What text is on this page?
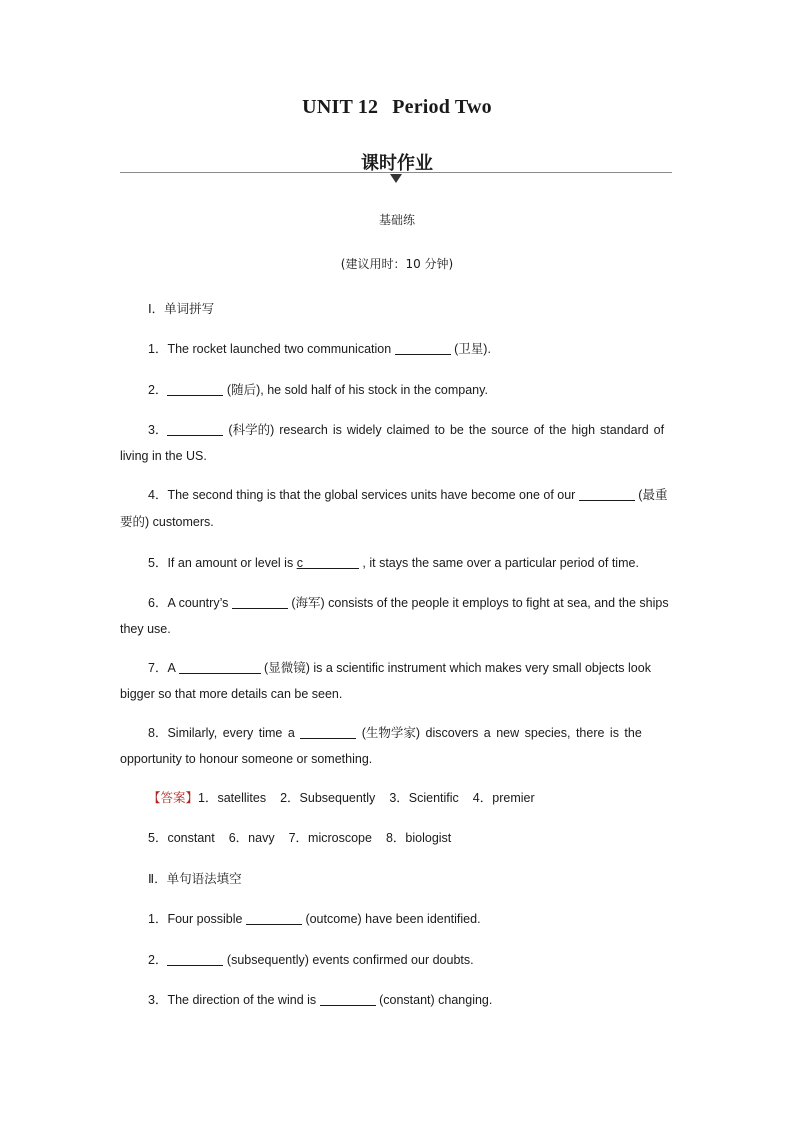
UNIT 12 Period Two
课时作业
基础练
(建议用时：10 分钟)
Ⅰ．单词拼写
1．The rocket launched two communication	(卫星).
2．	(随后), he sold half of his stock in the company.
3．	(科学的) research is widely claimed to be the source of the high standard of
living in the US.
4．The second thing is that the global services units have become one of our	(最重
要的) customers.
5．If an amount or level is c	, it stays the same over a particular period of time.
6．A country’s	(海军) consists of the people it employs to fight at sea, and the ships
they use.
7．A	(显微镜) is a scientific instrument which makes very small objects look
bigger so that more details can be seen.
8．Similarly, every time a	(生物学家) discovers a new species, there is the
opportunity to honour someone or something.
【答案】1．satellites 2．Subsequently 3．Scientific 4．premier
5．constant 6．navy 7．microscope 8．biologist
Ⅱ．单句语法填空
1．Four possible	(outcome) have been identified.
2．	(subsequently) events confirmed our doubts.
3．The direction of the wind is	(constant) changing.
